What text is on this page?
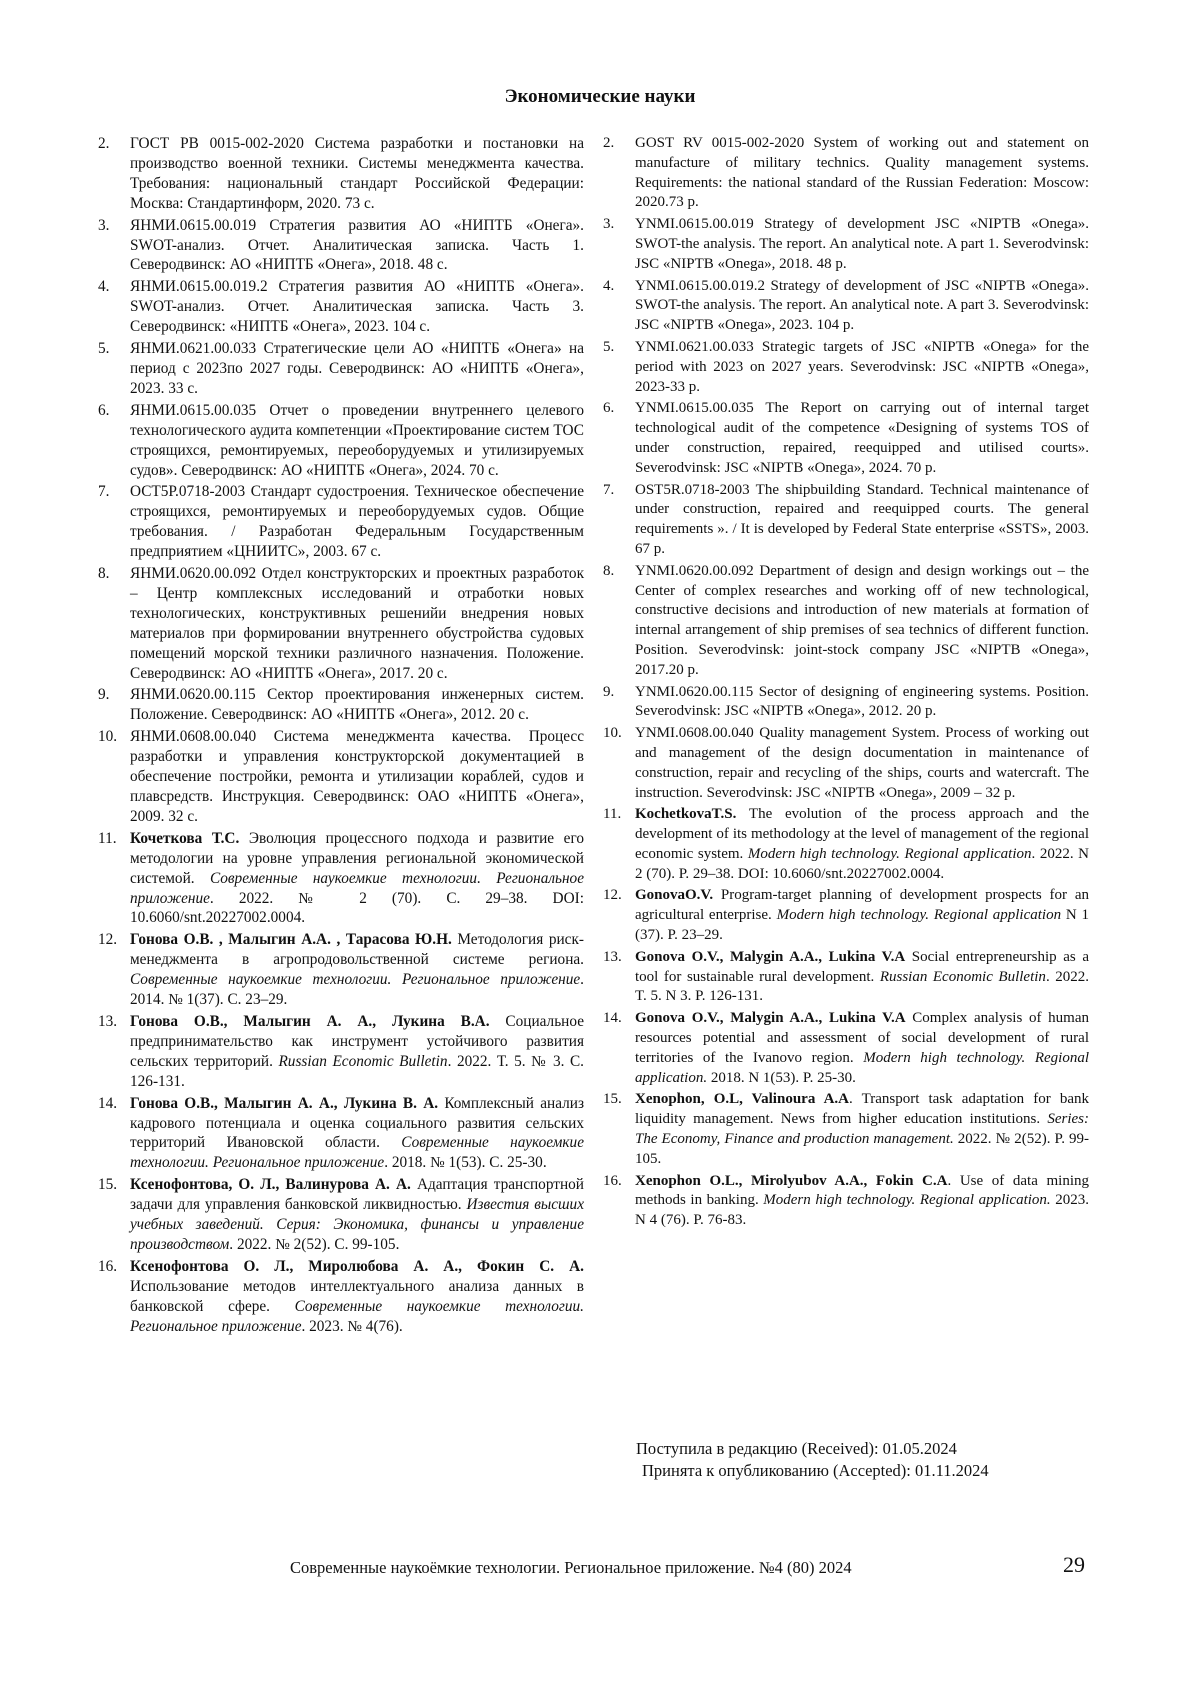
Экономические науки
2.	ГОСТ РВ 0015-002-2020 Система разработки и постановки на производство военной техники. Системы менеджмента качества. Требования: национальный стандарт Российской Федерации: Москва: Стандартинформ, 2020. 73 с.
3.	ЯНМИ.0615.00.019 Стратегия развития АО «НИПТБ «Онега». SWOT-анализ. Отчет. Аналитическая записка. Часть 1. Северодвинск: АО «НИПТБ «Онега», 2018. 48 с.
4.	ЯНМИ.0615.00.019.2 Стратегия развития АО «НИПТБ «Онега». SWOT-анализ. Отчет. Аналитическая записка. Часть 3. Северодвинск: «НИПТБ «Онега», 2023. 104 с.
5.	ЯНМИ.0621.00.033 Стратегические цели АО «НИПТБ «Онега» на период с 2023по 2027 годы. Северодвинск: АО «НИПТБ «Онега», 2023. 33 с.
6.	ЯНМИ.0615.00.035 Отчет о проведении внутреннего целевого технологического аудита компетенции «Проектирование систем ТОС строящихся, ремонтируемых, переоборудуемых и утилизируемых судов». Северодвинск: АО «НИПТБ «Онега», 2024. 70 с.
7.	ОСТ5Р.0718-2003 Стандарт судостроения. Техническое обеспечение строящихся, ремонтируемых и переоборудуемых судов. Общие требования. / Разработан Федеральным Государственным предприятием «ЦНИИТС», 2003. 67 с.
8.	ЯНМИ.0620.00.092 Отдел конструкторских и проектных разработок – Центр комплексных исследований и отработки новых технологических, конструктивных решенийи внедрения новых материалов при формировании внутреннего обустройства судовых помещений морской техники различного назначения. Положение. Северодвинск: АО «НИПТБ «Онега», 2017. 20 с.
9.	ЯНМИ.0620.00.115 Сектор проектирования инженерных систем. Положение. Северодвинск: АО «НИПТБ «Онега», 2012. 20 с.
10. ЯНМИ.0608.00.040 Система менеджмента качества. Процесс разработки и управления конструкторской документацией в обеспечение постройки, ремонта и утилизации кораблей, судов и плавсредств. Инструкция. Северодвинск: ОАО «НИПТБ «Онега», 2009. 32 с.
11. Кочеткова Т.С. Эволюция процессного подхода и развитие его методологии на уровне управления региональной экономической системой. Современные наукоемкие технологии. Региональное приложение. 2022. № 2 (70). С. 29–38. DOI: 10.6060/snt.20227002.0004.
12. Гонова О.В. , Малыгин А.А. , Тарасова Ю.Н. Методология риск-менеджмента в агропродовольственной системе региона. Современные наукоемкие технологии. Региональное приложение. 2014. № 1(37). С. 23–29.
13. Гонова О.В., Малыгин А. А., Лукина В.А. Социальное предпринимательство как инструмент устойчивого развития сельских территорий. Russian Economic Bulletin. 2022. Т. 5. № 3. С. 126-131.
14. Гонова О.В., Малыгин А. А., Лукина В. А. Комплексный анализ кадрового потенциала и оценка социального развития сельских территорий Ивановской области. Современные наукоемкие технологии. Региональное приложение. 2018. № 1(53). С. 25-30.
15. Ксенофонтова, О. Л., Валинурова А. А. Адаптация транспортной задачи для управления банковской ликвидностью. Известия высших учебных заведений. Серия: Экономика, финансы и управление производством. 2022. № 2(52). С. 99-105.
16. Ксенофонтова О. Л., Миролюбова А. А., Фокин С. А. Использование методов интеллектуального анализа данных в банковской сфере. Современные наукоемкие технологии. Региональное приложение. 2023. № 4(76).
2.	GOST RV 0015-002-2020 System of working out and statement on manufacture of military technics. Quality management systems. Requirements: the national standard of the Russian Federation: Moscow: 2020.73 p.
3.	YNMI.0615.00.019 Strategy of development JSC «NIPTB «Onega». SWOT-the analysis. The report. An analytical note. A part 1. Severodvinsk: JSC «NIPTB «Onega», 2018. 48 p.
4.	YNMI.0615.00.019.2 Strategy of development of JSC «NIPTB «Onega». SWOT-the analysis. The report. An analytical note. A part 3. Severodvinsk: JSC «NIPTB «Onega», 2023. 104 p.
5.	YNMI.0621.00.033 Strategic targets of JSC «NIPTB «Onega» for the period with 2023 on 2027 years. Severodvinsk: JSC «NIPTB «Onega», 2023-33 p.
6.	YNMI.0615.00.035 The Report on carrying out of internal target technological audit of the competence «Designing of systems TOS of under construction, repaired, reequipped and utilised courts». Severodvinsk: JSC «NIPTB «Onega», 2024. 70 p.
7.	OST5R.0718-2003 The shipbuilding Standard. Technical maintenance of under construction, repaired and reequipped courts. The general requirements ». / It is developed by Federal State enterprise «SSTS», 2003. 67 p.
8.	YNMI.0620.00.092 Department of design and design workings out – the Center of complex researches and working off of new technological, constructive decisions and introduction of new materials at formation of internal arrangement of ship premises of sea technics of different function. Position. Severodvinsk: joint-stock company JSC «NIPTB «Onega», 2017.20 p.
9.	YNMI.0620.00.115 Sector of designing of engineering systems. Position. Severodvinsk: JSC «NIPTB «Onega», 2012. 20 p.
10. YNMI.0608.00.040 Quality management System. Process of working out and management of the design documentation in maintenance of construction, repair and recycling of the ships, courts and watercraft. The instruction. Severodvinsk: JSC «NIPTB «Onega», 2009 – 32 p.
11. KochetkovaT.S. The evolution of the process approach and the development of its methodology at the level of management of the regional economic system. Modern high technology. Regional application. 2022. N 2 (70). P. 29–38. DOI: 10.6060/snt.20227002.0004.
12. GonovaO.V. Program-target planning of development prospects for an agricultural enterprise. Modern high technology. Regional application N 1 (37). P. 23–29.
13. Gonova O.V., Malygin A.A., Lukina V.A Social entrepreneurship as a tool for sustainable rural development. Russian Economic Bulletin. 2022. T. 5. N 3. P. 126-131.
14. Gonova O.V., Malygin A.A., Lukina V.A Complex analysis of human resources potential and assessment of social development of rural territories of the Ivanovo region. Modern high technology. Regional application. 2018. N 1(53). P. 25-30.
15. Xenophon, O.L, Valinoura A.A. Transport task adaptation for bank liquidity management. News from higher education institutions. Series: The Economy, Finance and production management. 2022. № 2(52). P. 99-105.
16. Xenophon O.L., Mirolyubov A.A., Fokin C.A. Use of data mining methods in banking. Modern high technology. Regional application. 2023. N 4 (76). P. 76-83.
Поступила в редакцию (Received): 01.05.2024
Принята к опубликованию (Accepted): 01.11.2024
Современные наукоёмкие технологии. Региональное приложение. №4 (80) 2024	29
